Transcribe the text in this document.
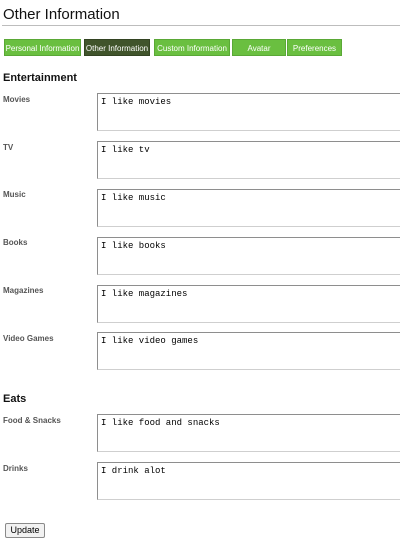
Other Information
Personal Information Other Information	Custom Information	Avatar	Preferences
Entertainment
Movies	I like movies
TV	I like tv
Music	I like music
Books	I like books
Magazines	I like magazines
Video Games	I like video games
Eats
Food & Snacks	I like food and snacks
Drinks	I drink alot
Update
